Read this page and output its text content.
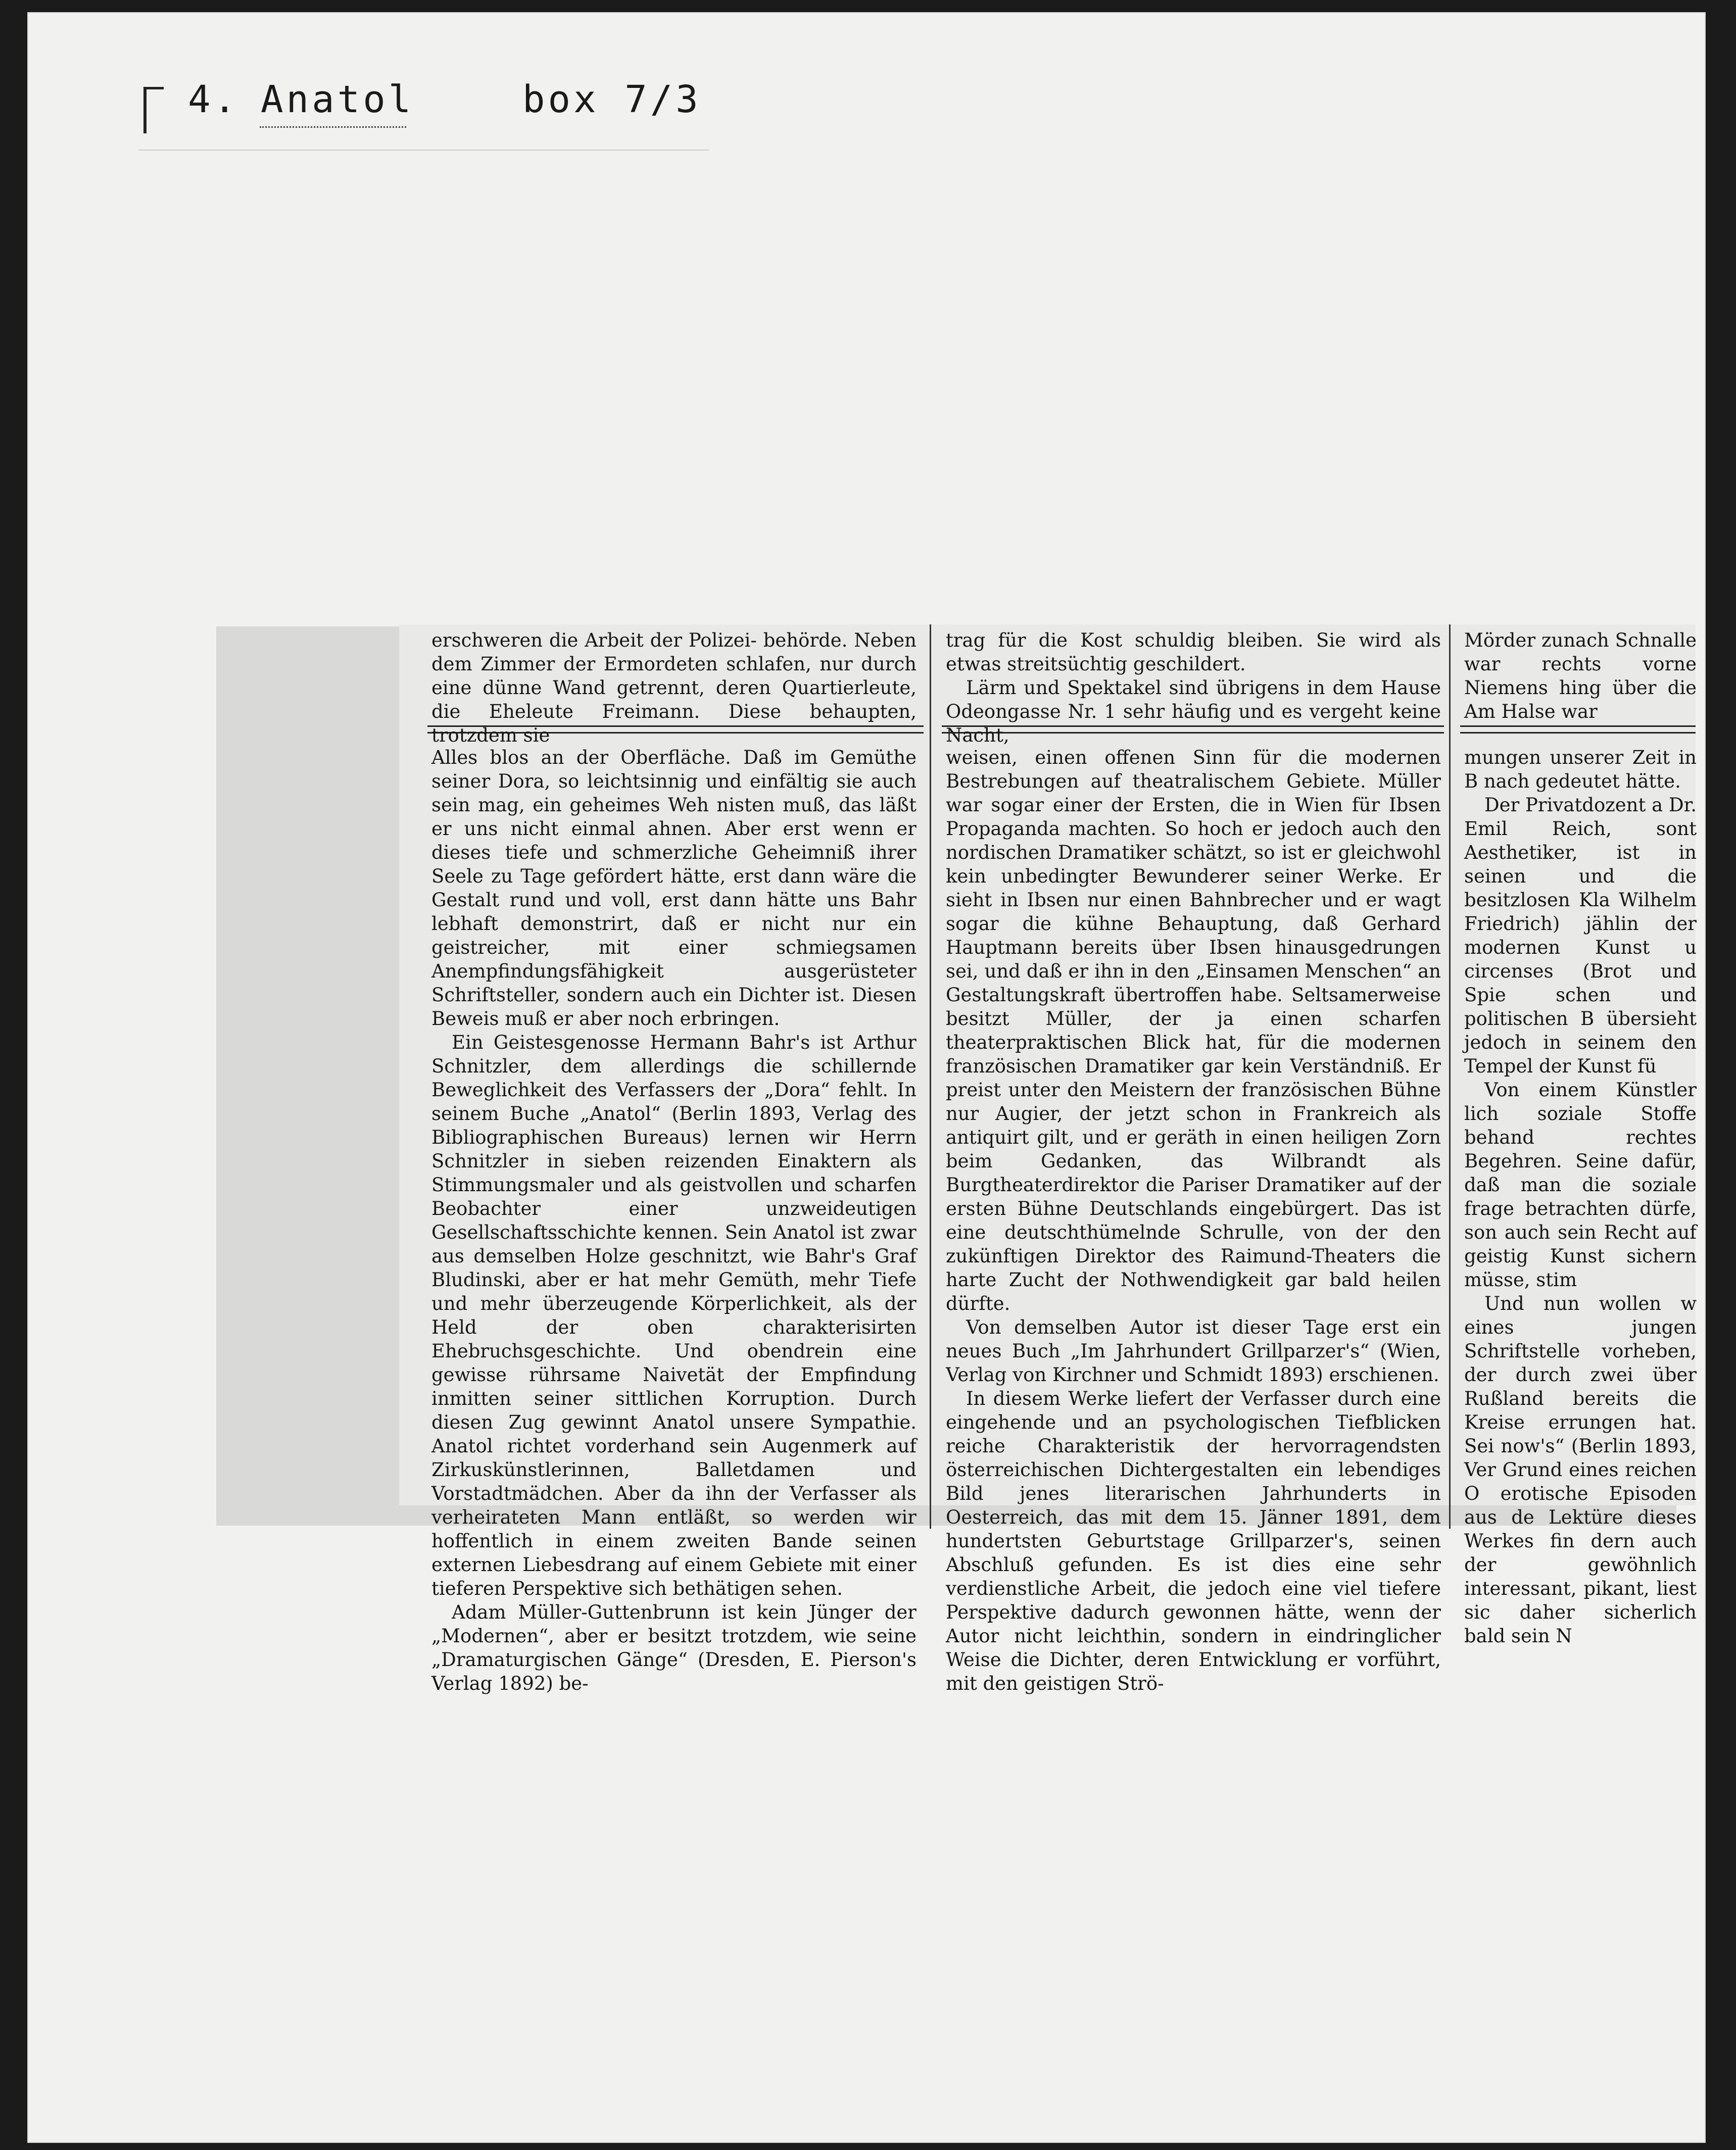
4. Anatol	box 7/3

erschweren die Arbeit der Polizei- behörde. Neben dem Zimmer der Ermordeten schlafen, nur durch eine dünne Wand getrennt, deren Quartierleute, die Eheleute Freimann. Diese behaupten, trotzdem sie

trag für die Kost schuldig bleiben. Sie wird als etwas streitsüchtig geschildert.

Lärm und Spektakel sind übrigens in dem Hause Odeongasse Nr. 1 sehr häufig und es vergeht keine Nacht,

Mörder zunach Schnalle war rechts vorne Niemens hing über die Am Halse war

Alles blos an der Oberfläche. Daß im Gemüthe seiner Dora, so leichtsinnig und einfältig sie auch sein mag, ein geheimes Weh nisten muß, das läßt er uns nicht einmal ahnen. Aber erst wenn er dieses tiefe und schmerzliche Geheimniß ihrer Seele zu Tage gefördert hätte, erst dann wäre die Gestalt rund und voll, erst dann hätte uns Bahr lebhaft demonstrirt, daß er nicht nur ein geistreicher, mit einer schmiegsamen Anempfindungsfähigkeit ausgerüsteter Schriftsteller, sondern auch ein Dichter ist. Diesen Beweis muß er aber noch erbringen.

Ein Geistesgenosse Hermann Bahr's ist Arthur Schnitzler, dem allerdings die schillernde Beweglichkeit des Verfassers der „Dora“ fehlt. In seinem Buche „Anatol“ (Berlin 1893, Verlag des Bibliographischen Bureaus) lernen wir Herrn Schnitzler in sieben reizenden Einaktern als Stimmungsmaler und als geistvollen und scharfen Beobachter einer unzweideutigen Gesellschaftsschichte kennen. Sein Anatol ist zwar aus demselben Holze geschnitzt, wie Bahr's Graf Bludinski, aber er hat mehr Gemüth, mehr Tiefe und mehr überzeugende Körperlichkeit, als der Held der oben charakterisirten Ehebruchsgeschichte. Und obendrein eine gewisse rührsame Naivetät der Empfindung inmitten seiner sittlichen Korruption. Durch diesen Zug gewinnt Anatol unsere Sympathie. Anatol richtet vorderhand sein Augenmerk auf Zirkuskünstlerinnen, Balletdamen und Vorstadtmädchen. Aber da ihn der Verfasser als verheirateten Mann entläßt, so werden wir hoffentlich in einem zweiten Bande seinen externen Liebesdrang auf einem Gebiete mit einer tieferen Perspektive sich bethätigen sehen.

Adam Müller-Guttenbrunn ist kein Jünger der „Modernen“, aber er besitzt trotzdem, wie seine „Dramaturgischen Gänge“ (Dresden, E. Pierson's Verlag 1892) be-

weisen, einen offenen Sinn für die modernen Bestrebungen auf theatralischem Gebiete. Müller war sogar einer der Ersten, die in Wien für Ibsen Propaganda machten. So hoch er jedoch auch den nordischen Dramatiker schätzt, so ist er gleichwohl kein unbedingter Bewunderer seiner Werke. Er sieht in Ibsen nur einen Bahnbrecher und er wagt sogar die kühne Behauptung, daß Gerhard Hauptmann bereits über Ibsen hinausgedrungen sei, und daß er ihn in den „Einsamen Menschen“ an Gestaltungskraft übertroffen habe. Seltsamerweise besitzt Müller, der ja einen scharfen theaterpraktischen Blick hat, für die modernen französischen Dramatiker gar kein Verständniß. Er preist unter den Meistern der französischen Bühne nur Augier, der jetzt schon in Frankreich als antiquirt gilt, und er geräth in einen heiligen Zorn beim Gedanken, das Wilbrandt als Burgtheaterdirektor die Pariser Dramatiker auf der ersten Bühne Deutschlands eingebürgert. Das ist eine deutschthümelnde Schrulle, von der den zukünftigen Direktor des Raimund-Theaters die harte Zucht der Nothwendigkeit gar bald heilen dürfte.

Von demselben Autor ist dieser Tage erst ein neues Buch „Im Jahrhundert Grillparzer's“ (Wien, Verlag von Kirchner und Schmidt 1893) erschienen.

In diesem Werke liefert der Verfasser durch eine eingehende und an psychologischen Tiefblicken reiche Charakteristik der hervorragendsten österreichischen Dichtergestalten ein lebendiges Bild jenes literarischen Jahrhunderts in Oesterreich, das mit dem 15. Jänner 1891, dem hundertsten Geburtstage Grillparzer's, seinen Abschluß gefunden. Es ist dies eine sehr verdienstliche Arbeit, die jedoch eine viel tiefere Perspektive dadurch gewonnen hätte, wenn der Autor nicht leichthin, sondern in eindringlicher Weise die Dichter, deren Entwicklung er vorführt, mit den geistigen Strö-

mungen unserer Zeit in B nach gedeutet hätte.

Der Privatdozent a Dr. Emil Reich, sont Aesthetiker, ist in seinen und die besitzlosen Kla Wilhelm Friedrich) jählin der modernen Kunst u circenses (Brot und Spie schen und politischen B übersieht jedoch in seinem den Tempel der Kunst fü

Von einem Künstler lich soziale Stoffe behand rechtes Begehren. Seine dafür, daß man die soziale frage betrachten dürfe, son auch sein Recht auf geistig Kunst sichern müsse, stim

Und nun wollen w eines jungen Schriftstelle vorheben, der durch zwei über Rußland bereits die Kreise errungen hat. Sei now's“ (Berlin 1893, Ver Grund eines reichen O erotische Episoden aus de Lektüre dieses Werkes fin dern auch der gewöhnlich interessant, pikant, liest sic daher sicherlich bald sein N
